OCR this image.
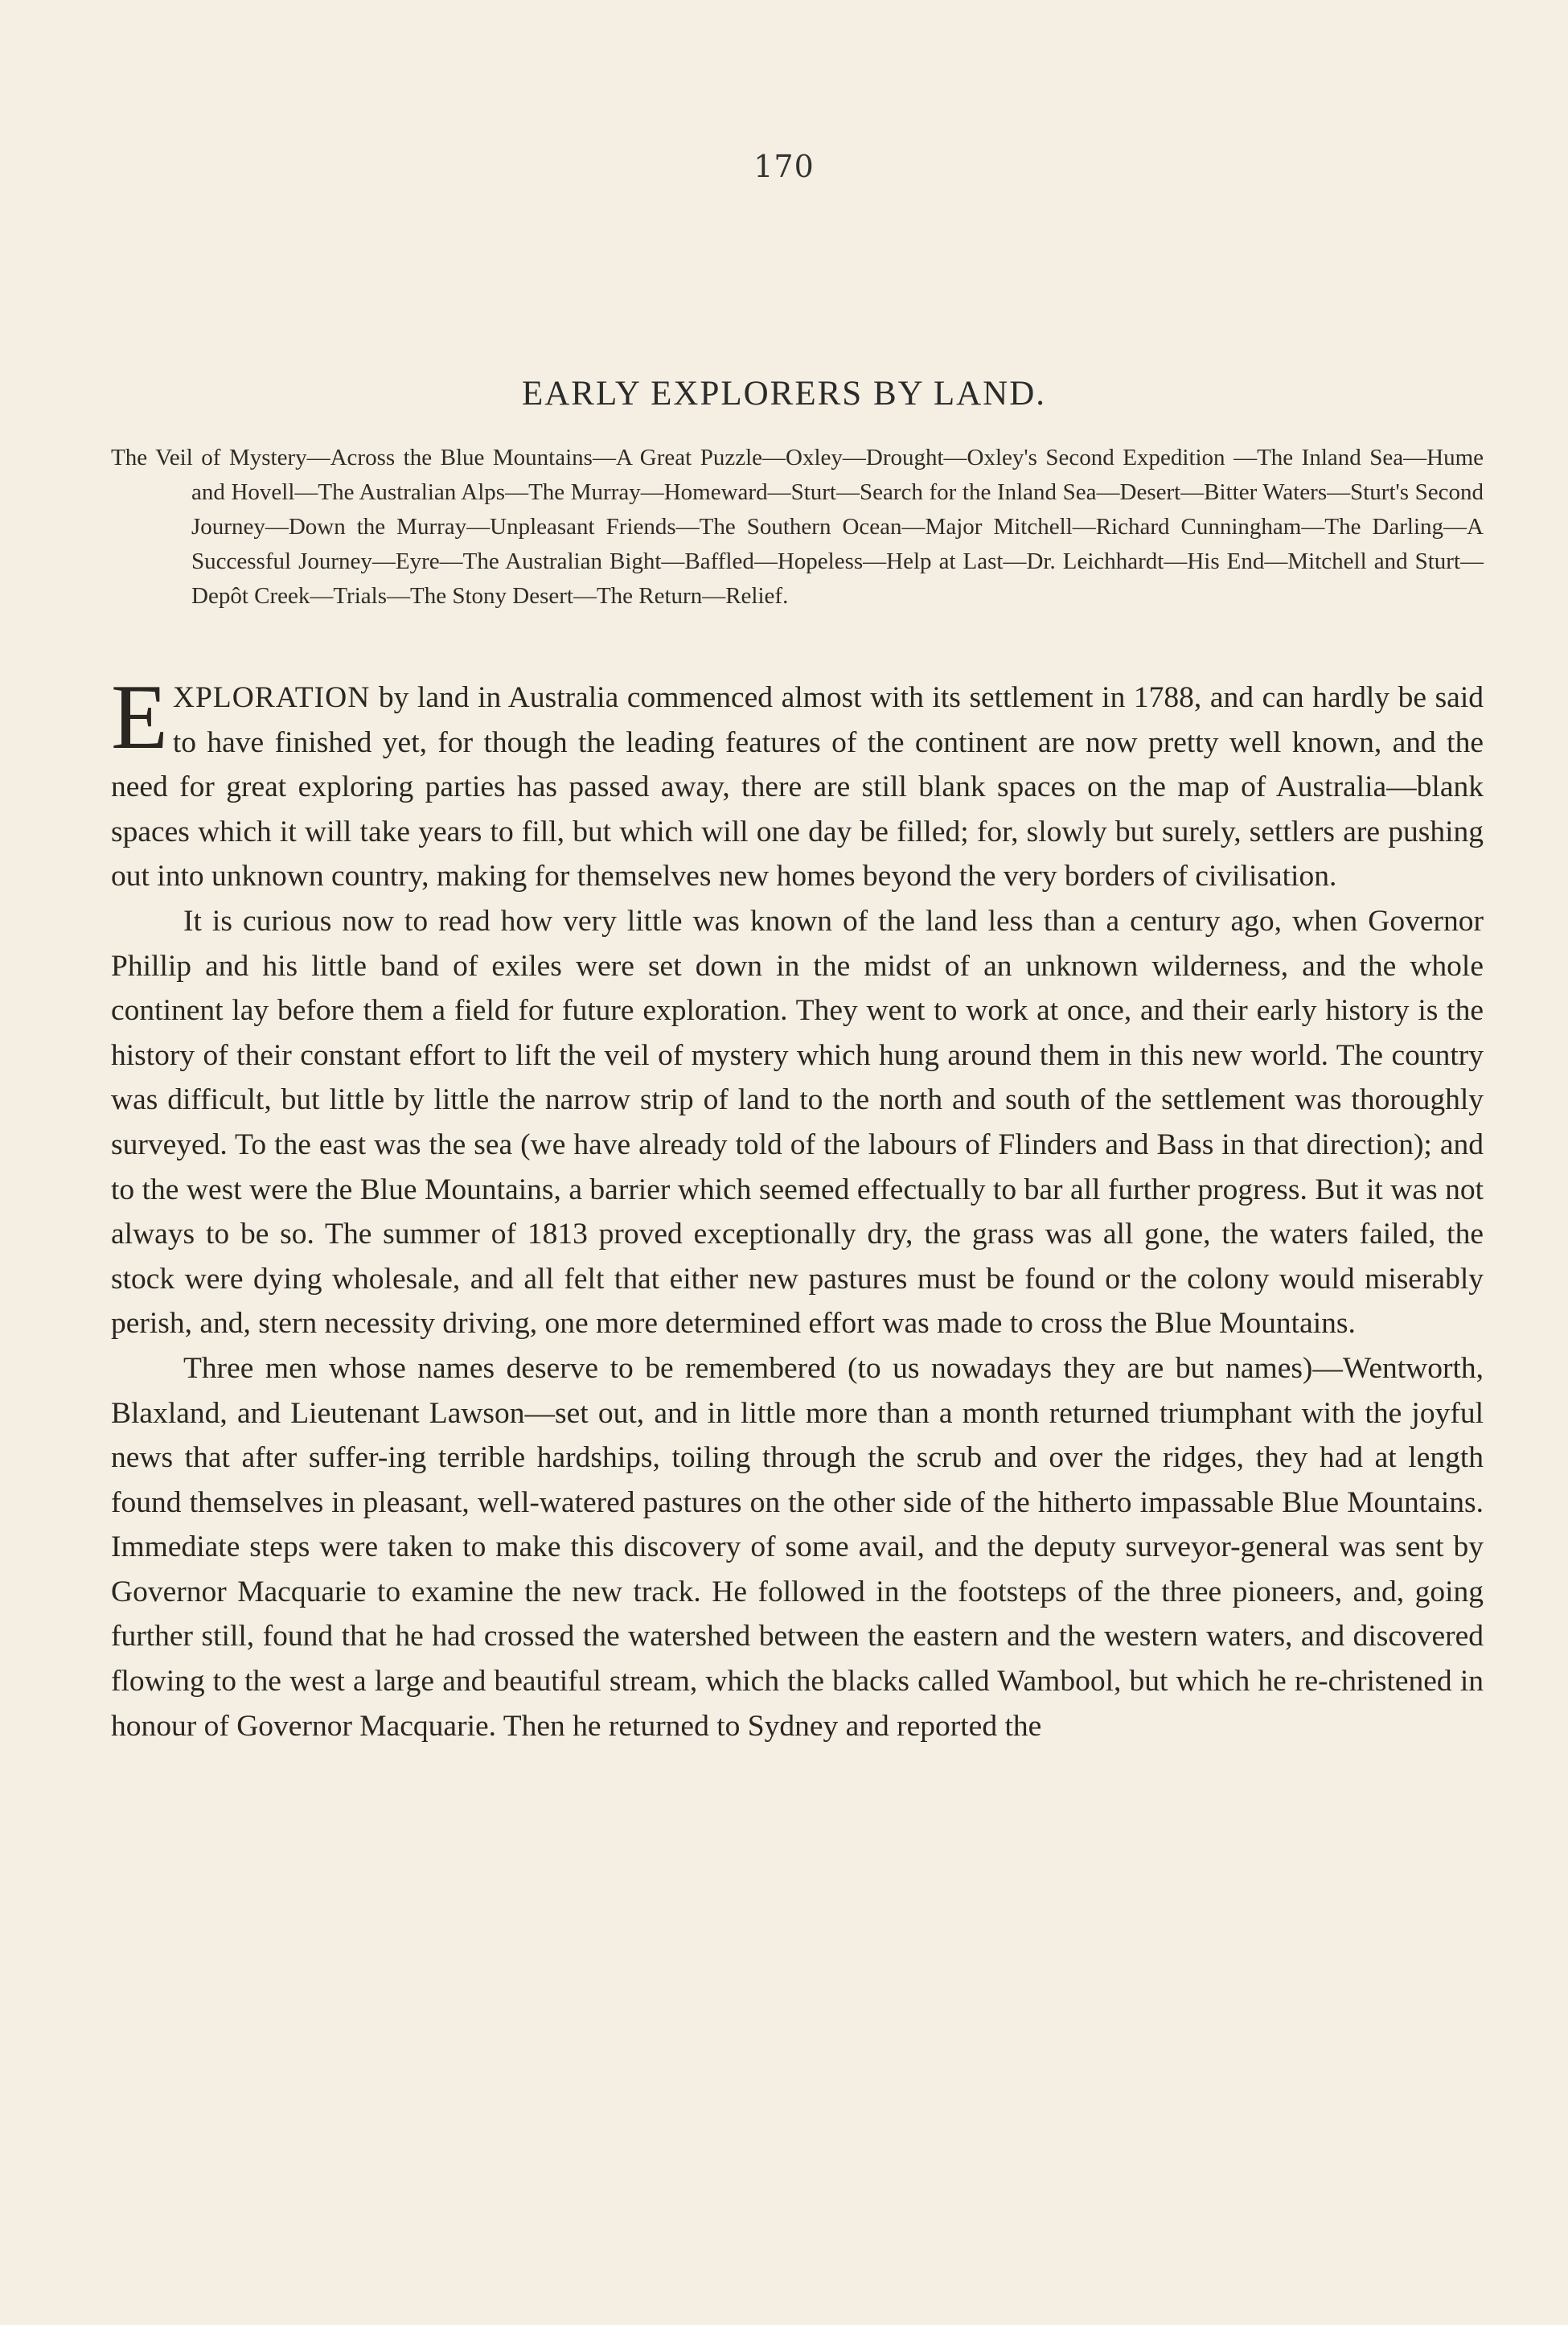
170
EARLY EXPLORERS BY LAND.

The Veil of Mystery—Across the Blue Mountains—A Great Puzzle—Oxley—Drought—Oxley's Second Expedition —The Inland Sea—Hume and Hovell—The Australian Alps—The Murray—Homeward—Sturt—Search for the Inland Sea—Desert—Bitter Waters—Sturt's Second Journey—Down the Murray—Unpleasant Friends—The Southern Ocean—Major Mitchell—Richard Cunningham—The Darling—A Successful Journey—Eyre—The Australian Bight—Baffled—Hopeless—Help at Last—Dr. Leichhardt—His End—Mitchell and Sturt—Depôt Creek—Trials—The Stony Desert—The Return—Relief.

EXPLORATION by land in Australia commenced almost with its settlement in 1788, and can hardly be said to have finished yet, for though the leading features of the continent are now pretty well known, and the need for great exploring parties has passed away, there are still blank spaces on the map of Australia—blank spaces which it will take years to fill, but which will one day be filled; for, slowly but surely, settlers are pushing out into unknown country, making for themselves new homes beyond the very borders of civilisation.

It is curious now to read how very little was known of the land less than a century ago, when Governor Phillip and his little band of exiles were set down in the midst of an unknown wilderness, and the whole continent lay before them a field for future exploration. They went to work at once, and their early history is the history of their constant effort to lift the veil of mystery which hung around them in this new world. The country was difficult, but little by little the narrow strip of land to the north and south of the settlement was thoroughly surveyed. To the east was the sea (we have already told of the labours of Flinders and Bass in that direction); and to the west were the Blue Mountains, a barrier which seemed effectually to bar all further progress. But it was not always to be so. The summer of 1813 proved exceptionally dry, the grass was all gone, the waters failed, the stock were dying wholesale, and all felt that either new pastures must be found or the colony would miserably perish, and, stern necessity driving, one more determined effort was made to cross the Blue Mountains.

Three men whose names deserve to be remembered (to us nowadays they are but names)—Wentworth, Blaxland, and Lieutenant Lawson—set out, and in little more than a month returned triumphant with the joyful news that after suffer-ing terrible hardships, toiling through the scrub and over the ridges, they had at length found themselves in pleasant, well-watered pastures on the other side of the hitherto impassable Blue Mountains. Immediate steps were taken to make this discovery of some avail, and the deputy surveyor-general was sent by Governor Macquarie to examine the new track. He followed in the footsteps of the three pioneers, and, going further still, found that he had crossed the watershed between the eastern and the western waters, and discovered flowing to the west a large and beautiful stream, which the blacks called Wambool, but which he re-christened in honour of Governor Macquarie. Then he returned to Sydney and reported the
